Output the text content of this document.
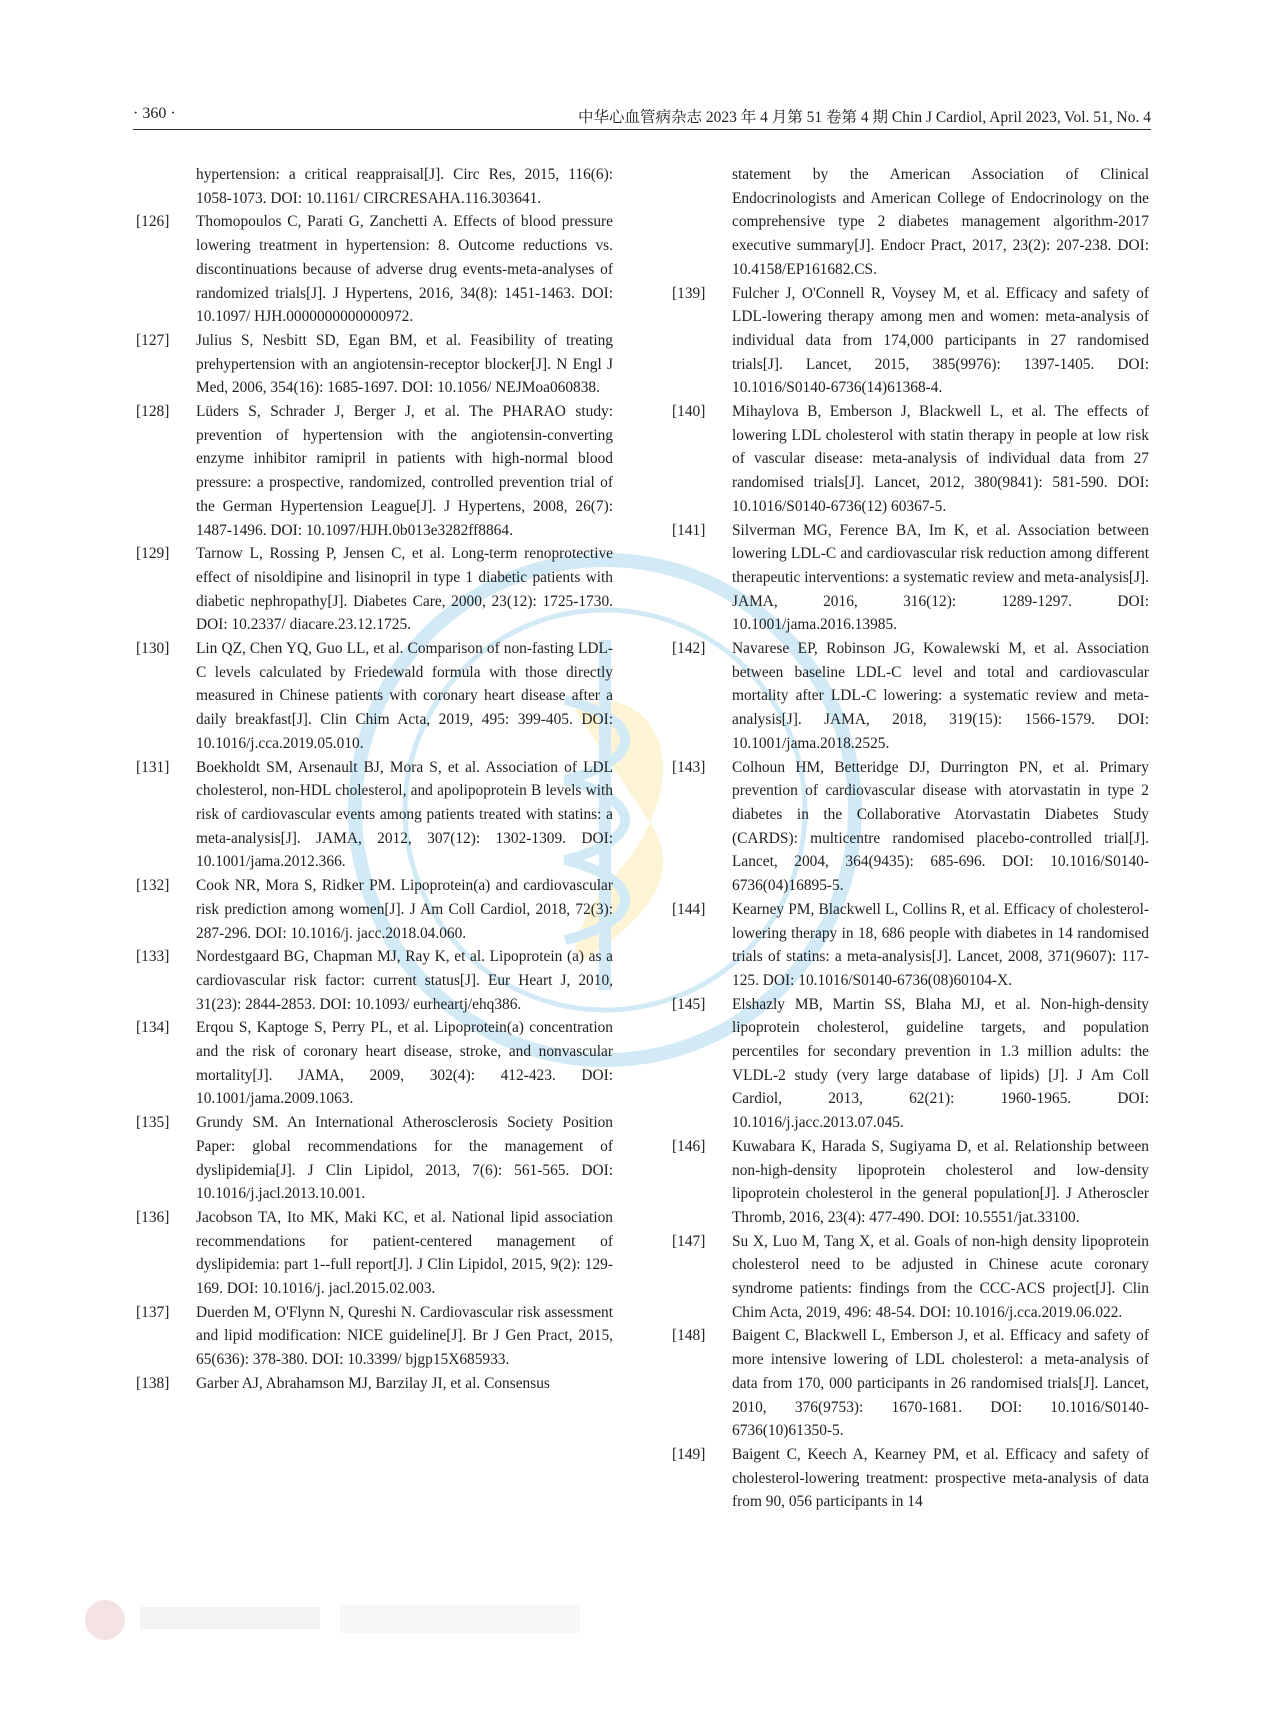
· 360 ·	中华心血管病杂志 2023 年 4 月第 51 卷第 4 期 Chin J Cardiol, April 2023, Vol. 51, No. 4

hypertension: a critical reappraisal[J]. Circ Res, 2015, 116(6): 1058-1073. DOI: 10.1161/ CIRCRESAHA.116.303641.

[126]	Thomopoulos C, Parati G, Zanchetti A. Effects of blood pressure lowering treatment in hypertension: 8. Outcome reductions vs. discontinuations because of adverse drug events-meta-analyses of randomized trials[J]. J Hypertens, 2016, 34(8): 1451-1463. DOI: 10.1097/ HJH.0000000000000972.

[127]	Julius S, Nesbitt SD, Egan BM, et al. Feasibility of treating prehypertension with an angiotensin-receptor blocker[J]. N Engl J Med, 2006, 354(16): 1685-1697. DOI: 10.1056/ NEJMoa060838.

[128]	Lüders S, Schrader J, Berger J, et al. The PHARAO study: prevention of hypertension with the angiotensin-converting enzyme inhibitor ramipril in patients with high-normal blood pressure: a prospective, randomized, controlled prevention trial of the German Hypertension League[J]. J Hypertens, 2008, 26(7): 1487-1496. DOI: 10.1097/HJH.0b013e3282ff8864.

[129]	Tarnow L, Rossing P, Jensen C, et al. Long-term renoprotective effect of nisoldipine and lisinopril in type 1 diabetic patients with diabetic nephropathy[J]. Diabetes Care, 2000, 23(12): 1725-1730. DOI: 10.2337/ diacare.23.12.1725.

[130]	Lin QZ, Chen YQ, Guo LL, et al. Comparison of non-fasting LDL-C levels calculated by Friedewald formula with those directly measured in Chinese patients with coronary heart disease after a daily breakfast[J]. Clin Chim Acta, 2019, 495: 399-405. DOI: 10.1016/j.cca.2019.05.010.

[131]	Boekholdt SM, Arsenault BJ, Mora S, et al. Association of LDL cholesterol, non-HDL cholesterol, and apolipoprotein B levels with risk of cardiovascular events among patients treated with statins: a meta-analysis[J]. JAMA, 2012, 307(12): 1302-1309. DOI: 10.1001/jama.2012.366.

[132]	Cook NR, Mora S, Ridker PM. Lipoprotein(a) and cardiovascular risk prediction among women[J]. J Am Coll Cardiol, 2018, 72(3): 287-296. DOI: 10.1016/j. jacc.2018.04.060.

[133]	Nordestgaard BG, Chapman MJ, Ray K, et al. Lipoprotein (a) as a cardiovascular risk factor: current status[J]. Eur Heart J, 2010, 31(23): 2844-2853. DOI: 10.1093/ eurheartj/ehq386.

[134]	Erqou S, Kaptoge S, Perry PL, et al. Lipoprotein(a) concentration and the risk of coronary heart disease, stroke, and nonvascular mortality[J]. JAMA, 2009, 302(4): 412-423. DOI: 10.1001/jama.2009.1063.

[135]	Grundy SM. An International Atherosclerosis Society Position Paper: global recommendations for the management of dyslipidemia[J]. J Clin Lipidol, 2013, 7(6): 561-565. DOI: 10.1016/j.jacl.2013.10.001.

[136]	Jacobson TA, Ito MK, Maki KC, et al. National lipid association recommendations for patient-centered management of dyslipidemia: part 1--full report[J]. J Clin Lipidol, 2015, 9(2): 129-169. DOI: 10.1016/j. jacl.2015.02.003.

[137]	Duerden M, O'Flynn N, Qureshi N. Cardiovascular risk assessment and lipid modification: NICE guideline[J]. Br J Gen Pract, 2015, 65(636): 378-380. DOI: 10.3399/ bjgp15X685933.

[138]	Garber AJ, Abrahamson MJ, Barzilay JI, et al. Consensus

statement by the American Association of Clinical Endocrinologists and American College of Endocrinology on the comprehensive type 2 diabetes management algorithm-2017 executive summary[J]. Endocr Pract, 2017, 23(2): 207-238. DOI: 10.4158/EP161682.CS.

[139]	Fulcher J, O'Connell R, Voysey M, et al. Efficacy and safety of LDL-lowering therapy among men and women: meta-analysis of individual data from 174,000 participants in 27 randomised trials[J]. Lancet, 2015, 385(9976): 1397-1405. DOI: 10.1016/S0140-6736(14)61368-4.

[140]	Mihaylova B, Emberson J, Blackwell L, et al. The effects of lowering LDL cholesterol with statin therapy in people at low risk of vascular disease: meta-analysis of individual data from 27 randomised trials[J]. Lancet, 2012, 380(9841): 581-590. DOI: 10.1016/S0140-6736(12) 60367-5.

[141]	Silverman MG, Ference BA, Im K, et al. Association between lowering LDL-C and cardiovascular risk reduction among different therapeutic interventions: a systematic review and meta-analysis[J]. JAMA, 2016, 316(12): 1289-1297. DOI: 10.1001/jama.2016.13985.

[142]	Navarese EP, Robinson JG, Kowalewski M, et al. Association between baseline LDL-C level and total and cardiovascular mortality after LDL-C lowering: a systematic review and meta-analysis[J]. JAMA, 2018, 319(15): 1566-1579. DOI: 10.1001/jama.2018.2525.

[143]	Colhoun HM, Betteridge DJ, Durrington PN, et al. Primary prevention of cardiovascular disease with atorvastatin in type 2 diabetes in the Collaborative Atorvastatin Diabetes Study (CARDS): multicentre randomised placebo-controlled trial[J]. Lancet, 2004, 364(9435): 685-696. DOI: 10.1016/S0140-6736(04)16895-5.

[144]	Kearney PM, Blackwell L, Collins R, et al. Efficacy of cholesterol-lowering therapy in 18, 686 people with diabetes in 14 randomised trials of statins: a meta-analysis[J]. Lancet, 2008, 371(9607): 117-125. DOI: 10.1016/S0140-6736(08)60104-X.

[145]	Elshazly MB, Martin SS, Blaha MJ, et al. Non-high-density lipoprotein cholesterol, guideline targets, and population percentiles for secondary prevention in 1.3 million adults: the VLDL-2 study (very large database of lipids) [J]. J Am Coll Cardiol, 2013, 62(21): 1960-1965. DOI: 10.1016/j.jacc.2013.07.045.

[146]	Kuwabara K, Harada S, Sugiyama D, et al. Relationship between non-high-density lipoprotein cholesterol and low-density lipoprotein cholesterol in the general population[J]. J Atheroscler Thromb, 2016, 23(4): 477-490. DOI: 10.5551/jat.33100.

[147]	Su X, Luo M, Tang X, et al. Goals of non-high density lipoprotein cholesterol need to be adjusted in Chinese acute coronary syndrome patients: findings from the CCC-ACS project[J]. Clin Chim Acta, 2019, 496: 48-54. DOI: 10.1016/j.cca.2019.06.022.

[148]	Baigent C, Blackwell L, Emberson J, et al. Efficacy and safety of more intensive lowering of LDL cholesterol: a meta-analysis of data from 170, 000 participants in 26 randomised trials[J]. Lancet, 2010, 376(9753): 1670-1681. DOI: 10.1016/S0140-6736(10)61350-5.

[149]	Baigent C, Keech A, Kearney PM, et al. Efficacy and safety of cholesterol-lowering treatment: prospective meta-analysis of data from 90, 056 participants in 14
